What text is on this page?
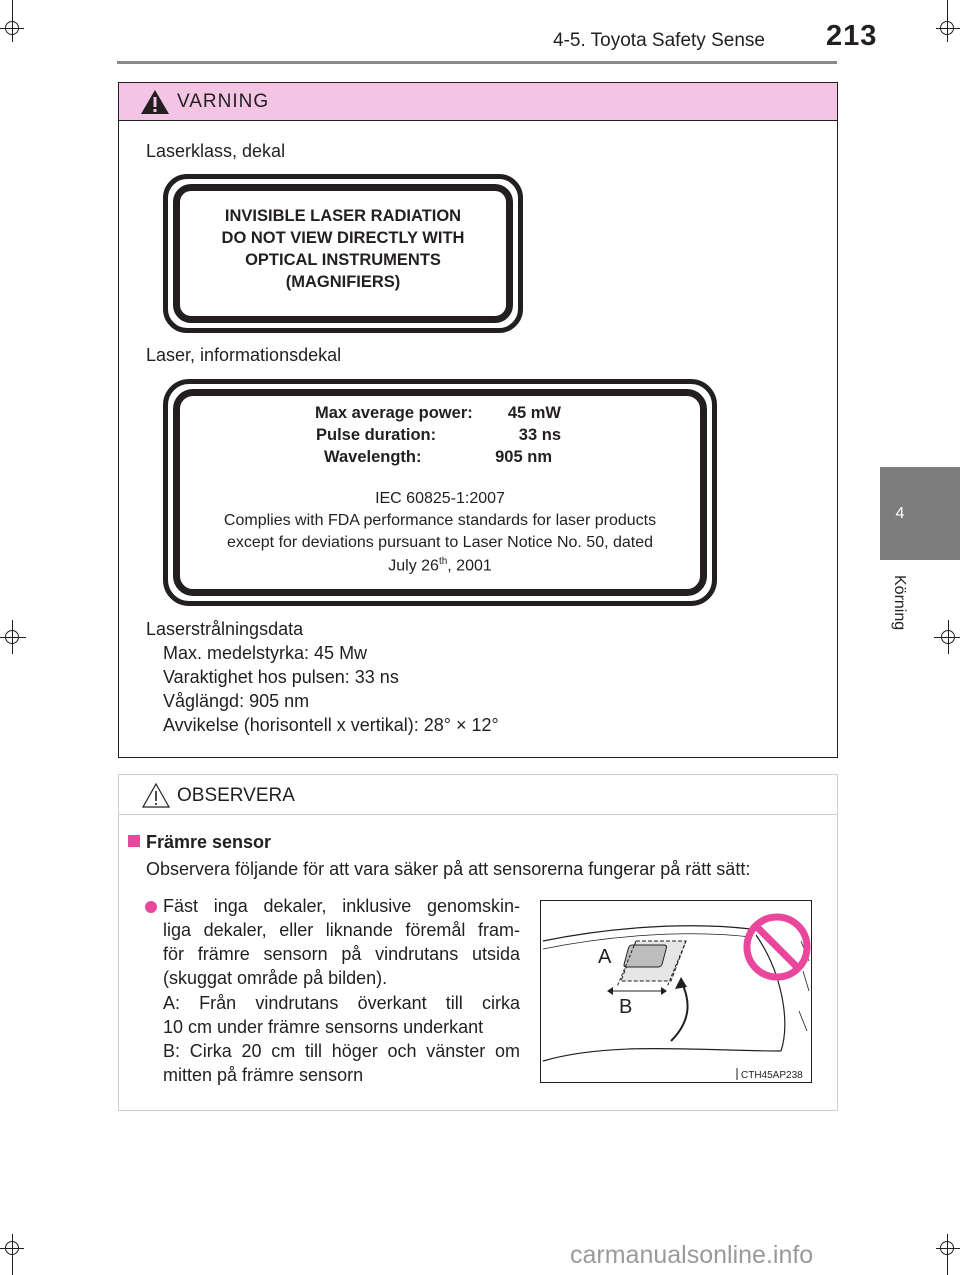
4-5. Toyota Safety Sense 213
4
Körning
VARNING
Laserklass, dekal
INVISIBLE LASER RADIATION
DO NOT VIEW DIRECTLY WITH
OPTICAL INSTRUMENTS
(MAGNIFIERS)
Laser, informationsdekal
Max average power:	45 mW
Pulse duration:	33 ns
Wavelength:	905 nm
IEC 60825-1:2007
Complies with FDA performance standards for laser products
except for deviations pursuant to Laser Notice No. 50, dated
July 26th, 2001
Laserstrålningsdata
Max. medelstyrka: 45 Mw
Varaktighet hos pulsen: 33 ns
Våglängd: 905 nm
Avvikelse (horisontell x vertikal): 28° × 12°
OBSERVERA
Främre sensor
Observera följande för att vara säker på att sensorerna fungerar på rätt sätt:
Fäst inga dekaler, inklusive genomskin-
liga dekaler, eller liknande föremål fram-
för främre sensorn på vindrutans utsida
(skuggat område på bilden).
A: Från vindrutans överkant till cirka
10 cm under främre sensorns underkant
B: Cirka 20 cm till höger och vänster om
mitten på främre sensorn
A
B
CTH45AP238
carmanualsonline.info
